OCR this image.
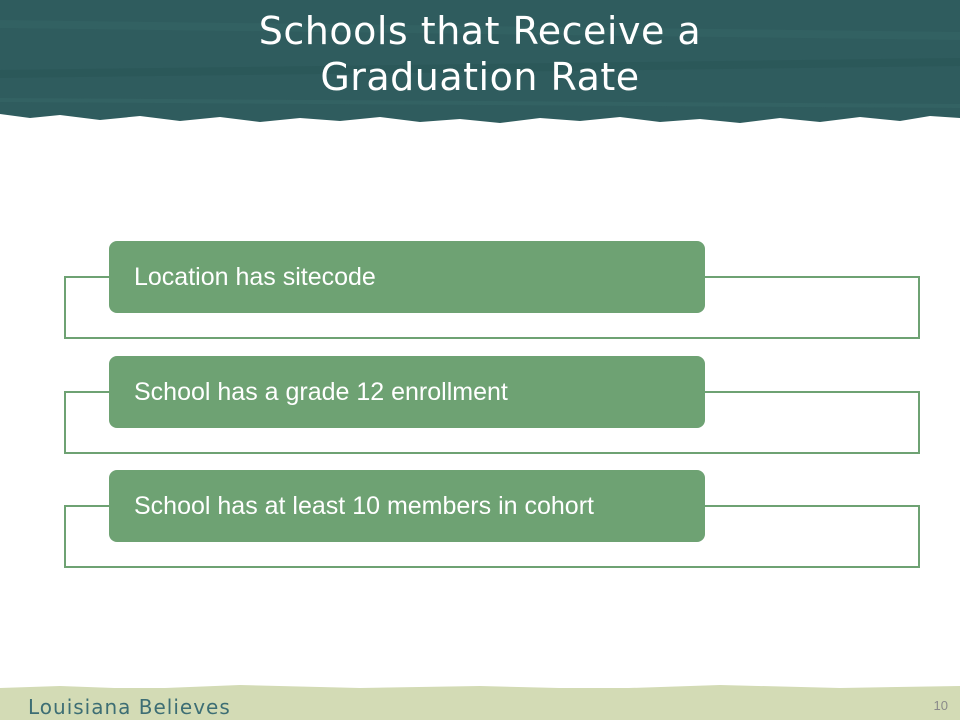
Schools that Receive a
Graduation Rate
Location has sitecode
School has a grade 12 enrollment
School has at least 10 members in cohort
Louisiana Believes	10
